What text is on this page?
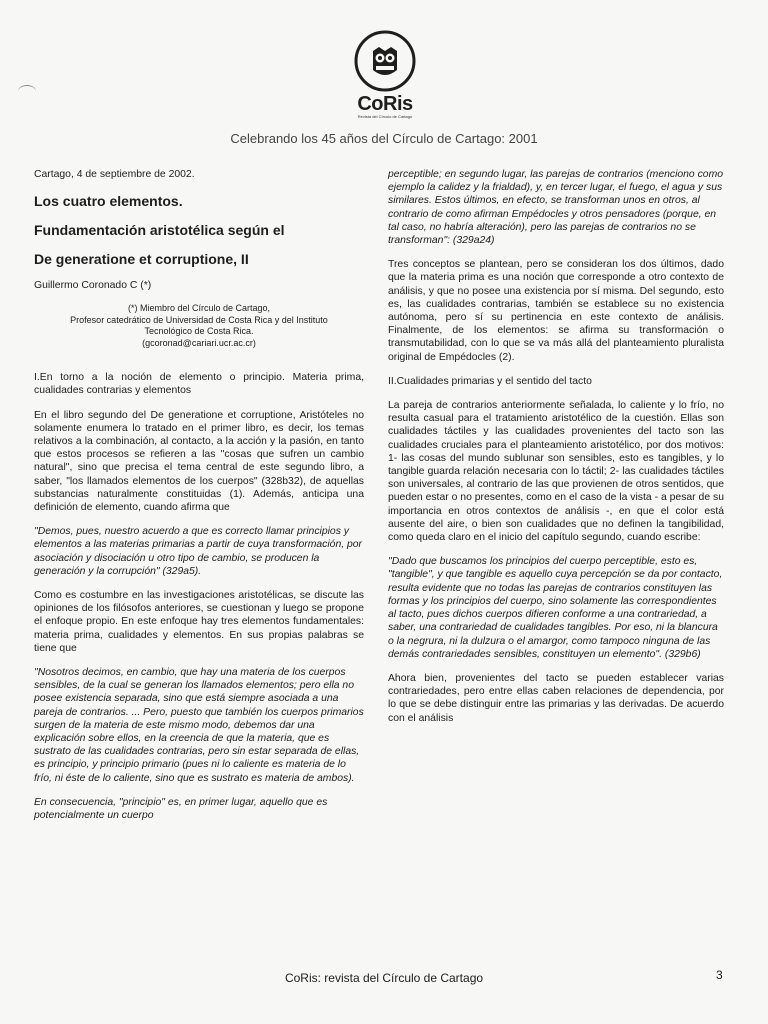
CoRis
Revista del Círculo de Cartago
Celebrando los 45 años del Círculo de Cartago: 2001

Cartago, 4 de septiembre de 2002.

Los cuatro elementos.

Fundamentación aristotélica según el

De generatione et corruptione, II

Guillermo Coronado C (*)

(*) Miembro del Círculo de Cartago,
Profesor catedrático de Universidad de Costa Rica y del Instituto
Tecnológico de Costa Rica.
(gcoronad@cariari.ucr.ac.cr)

I.En torno a la noción de elemento o principio. Materia prima, cualidades contrarias y elementos

En el libro segundo del De generatione et corruptione, Aristóteles no solamente enumera lo tratado en el primer libro, es decir, los temas relativos a la combinación, al contacto, a la acción y la pasión, en tanto que estos procesos se refieren a las "cosas que sufren un cambio natural", sino que precisa el tema central de este segundo libro, a saber, "los llamados elementos de los cuerpos" (328b32), de aquellas substancias naturalmente constituidas (1). Además, anticipa una definición de elemento, cuando afirma que

"Demos, pues, nuestro acuerdo a que es correcto llamar principios y elementos a las materias primarias a partir de cuya transformación, por asociación y disociación u otro tipo de cambio, se producen la generación y la corrupción" (329a5).

Como es costumbre en las investigaciones aristotélicas, se discute las opiniones de los filósofos anteriores, se cuestionan y luego se propone el enfoque propio. En este enfoque hay tres elementos fundamentales: materia prima, cualidades y elementos. En sus propias palabras se tiene que

"Nosotros decimos, en cambio, que hay una materia de los cuerpos sensibles, de la cual se generan los llamados elementos; pero ella no posee existencia separada, sino que está siempre asociada a una pareja de contrarios. ... Pero, puesto que también los cuerpos primarios surgen de la materia de este mismo modo, debemos dar una explicación sobre ellos, en la creencia de que la materia, que es sustrato de las cualidades contrarias, pero sin estar separada de ellas, es principio, y principio primario (pues ni lo caliente es materia de lo frío, ni éste de lo caliente, sino que es sustrato es materia de ambos).

En consecuencia, "principio" es, en primer lugar, aquello que es potencialmente un cuerpo

perceptible; en segundo lugar, las parejas de contrarios (menciono como ejemplo la calidez y la frialdad), y, en tercer lugar, el fuego, el agua y sus similares. Estos últimos, en efecto, se transforman unos en otros, al contrario de como afirman Empédocles y otros pensadores (porque, en tal caso, no habría alteración), pero las parejas de contrarios no se transforman": (329a24)

Tres conceptos se plantean, pero se consideran los dos últimos, dado que la materia prima es una noción que corresponde a otro contexto de análisis, y que no posee una existencia por sí misma. Del segundo, esto es, las cualidades contrarias, también se establece su no existencia autónoma, pero sí su pertinencia en este contexto de análisis. Finalmente, de los elementos: se afirma su transformación o transmutabilidad, con lo que se va más allá del planteamiento pluralista original de Empédocles (2).

II.Cualidades primarias y el sentido del tacto

La pareja de contrarios anteriormente señalada, lo caliente y lo frío, no resulta casual para el tratamiento aristotélico de la cuestión. Ellas son cualidades táctiles y las cualidades provenientes del tacto son las cualidades cruciales para el planteamiento aristotélico, por dos motivos: 1- las cosas del mundo sublunar son sensibles, esto es tangibles, y lo tangible guarda relación necesaria con lo táctil; 2- las cualidades táctiles son universales, al contrario de las que provienen de otros sentidos, que pueden estar o no presentes, como en el caso de la vista - a pesar de su importancia en otros contextos de análisis -, en que el color está ausente del aire, o bien son cualidades que no definen la tangibilidad, como queda claro en el inicio del capítulo segundo, cuando escribe:

"Dado que buscamos los principios del cuerpo perceptible, esto es, "tangible", y que tangible es aquello cuya percepción se da por contacto, resulta evidente que no todas las parejas de contrarios constituyen las formas y los principios del cuerpo, sino solamente las correspondientes al tacto, pues dichos cuerpos difieren conforme a una contrariedad, a saber, una contrariedad de cualidades tangibles. Por eso, ni la blancura o la negrura, ni la dulzura o el amargor, como tampoco ninguna de las demás contrariedades sensibles, constituyen un elemento". (329b6)

Ahora bien, provenientes del tacto se pueden establecer varias contrariedades, pero entre ellas caben relaciones de dependencia, por lo que se debe distinguir entre las primarias y las derivadas. De acuerdo con el análisis

CoRis: revista del Círculo de Cartago	3
